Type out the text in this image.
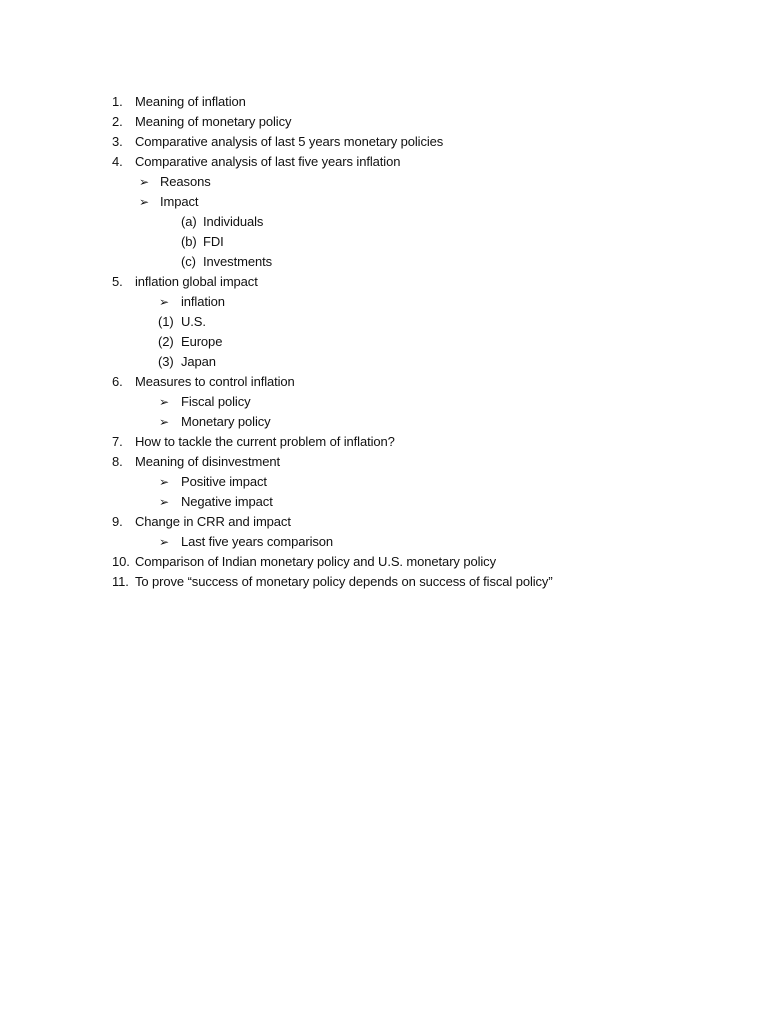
1. Meaning of inflation
2. Meaning of monetary policy
3. Comparative analysis of last 5 years monetary policies
4. Comparative analysis of last five years inflation
➢ Reasons
➢ Impact
(a) Individuals
(b) FDI
(c) Investments
5. inflation global impact
➢ inflation
(1) U.S.
(2) Europe
(3) Japan
6. Measures to control inflation
➢ Fiscal policy
➢ Monetary policy
7. How to tackle the current problem of inflation?
8. Meaning of disinvestment
➢ Positive impact
➢ Negative impact
9. Change in CRR and impact
➢ Last five years comparison
10. Comparison of Indian monetary policy and U.S. monetary policy
11. To prove “success of monetary policy depends on success of fiscal policy”
